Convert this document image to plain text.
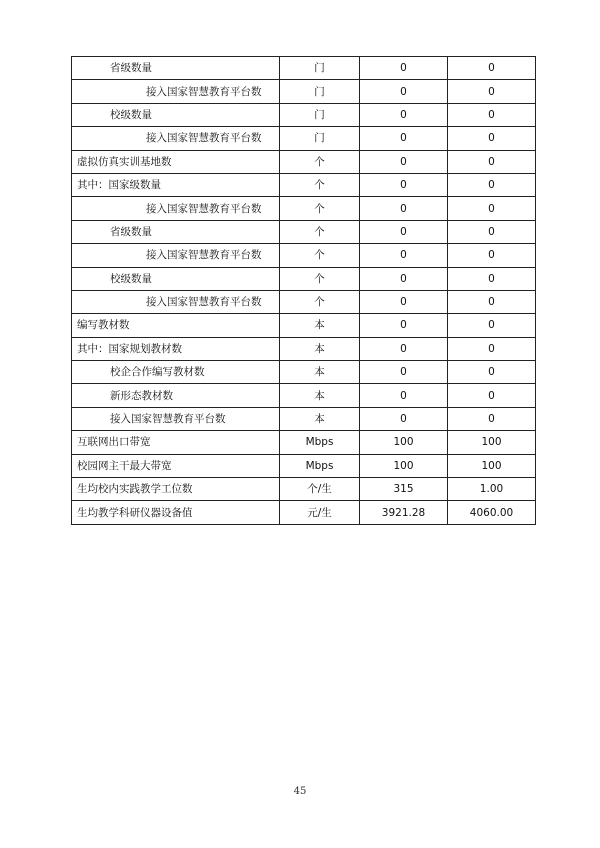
省级数量	门	0	0
接入国家智慧教育平台数	门	0	0
校级数量	门	0	0
接入国家智慧教育平台数	门	0	0
虚拟仿真实训基地数	个	0	0
其中：国家级数量	个	0	0
接入国家智慧教育平台数	个	0	0
省级数量	个	0	0
接入国家智慧教育平台数	个	0	0
校级数量	个	0	0
接入国家智慧教育平台数	个	0	0
编写教材数	本	0	0
其中：国家规划教材数	本	0	0
校企合作编写教材数	本	0	0
新形态教材数	本	0	0
接入国家智慧教育平台数	本	0	0
互联网出口带宽	Mbps	100	100
校园网主干最大带宽	Mbps	100	100
生均校内实践教学工位数	个/生	315	1.00
生均教学科研仪器设备值	元/生	3921.28	4060.00
45
